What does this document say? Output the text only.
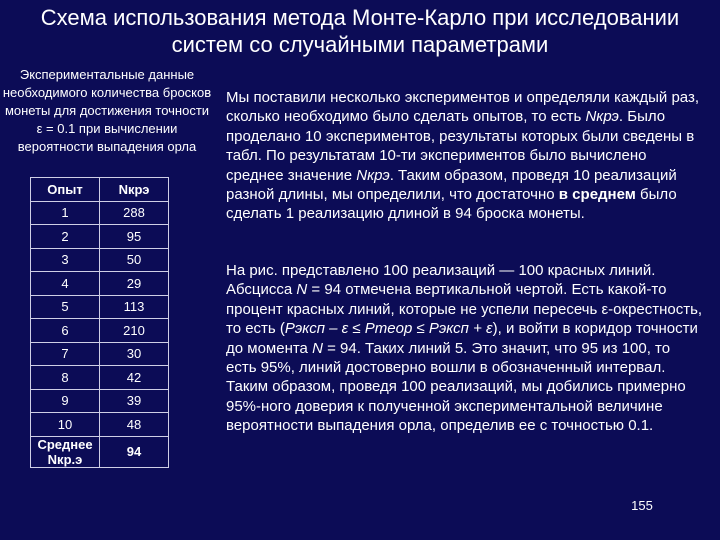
Схема использования метода Монте-Карло при исследовании
систем со случайными параметрами
Экспериментальные данные необходимого количества бросков монеты для достижения точности ε = 0.1 при вычислении вероятности выпадения орла
Опыт	Nкрэ
1	288
2	95
3	50
4	29
5	113
6	210
7	30
8	42
9	39
10	48
Среднее Nкр.э	94
Мы поставили несколько экспериментов и определяли каждый раз, сколько необходимо было сделать опытов, то есть Nкрэ. Было проделано 10 экспериментов, результаты которых были сведены в табл. По результатам 10-ти экспериментов было вычислено среднее значение Nкрэ. Таким образом, проведя 10 реализаций разной длины, мы определили, что достаточно в среднем было сделать 1 реализацию длиной в 94 броска монеты.
На рис. представлено 100 реализаций — 100 красных линий. Абсцисса N = 94 отмечена вертикальной чертой. Есть какой-то процент красных линий, которые не успели пересечь ε-окрестность, то есть (Pэксп – ε ≤ Pтеор ≤ Pэксп + ε), и войти в коридор точности до момента N = 94. Таких линий 5. Это значит, что 95 из 100, то есть 95%, линий достоверно вошли в обозначенный интервал.
Таким образом, проведя 100 реализаций, мы добились примерно 95%-ного доверия к полученной экспериментальной величине вероятности выпадения орла, определив ее с точностью 0.1.
155
